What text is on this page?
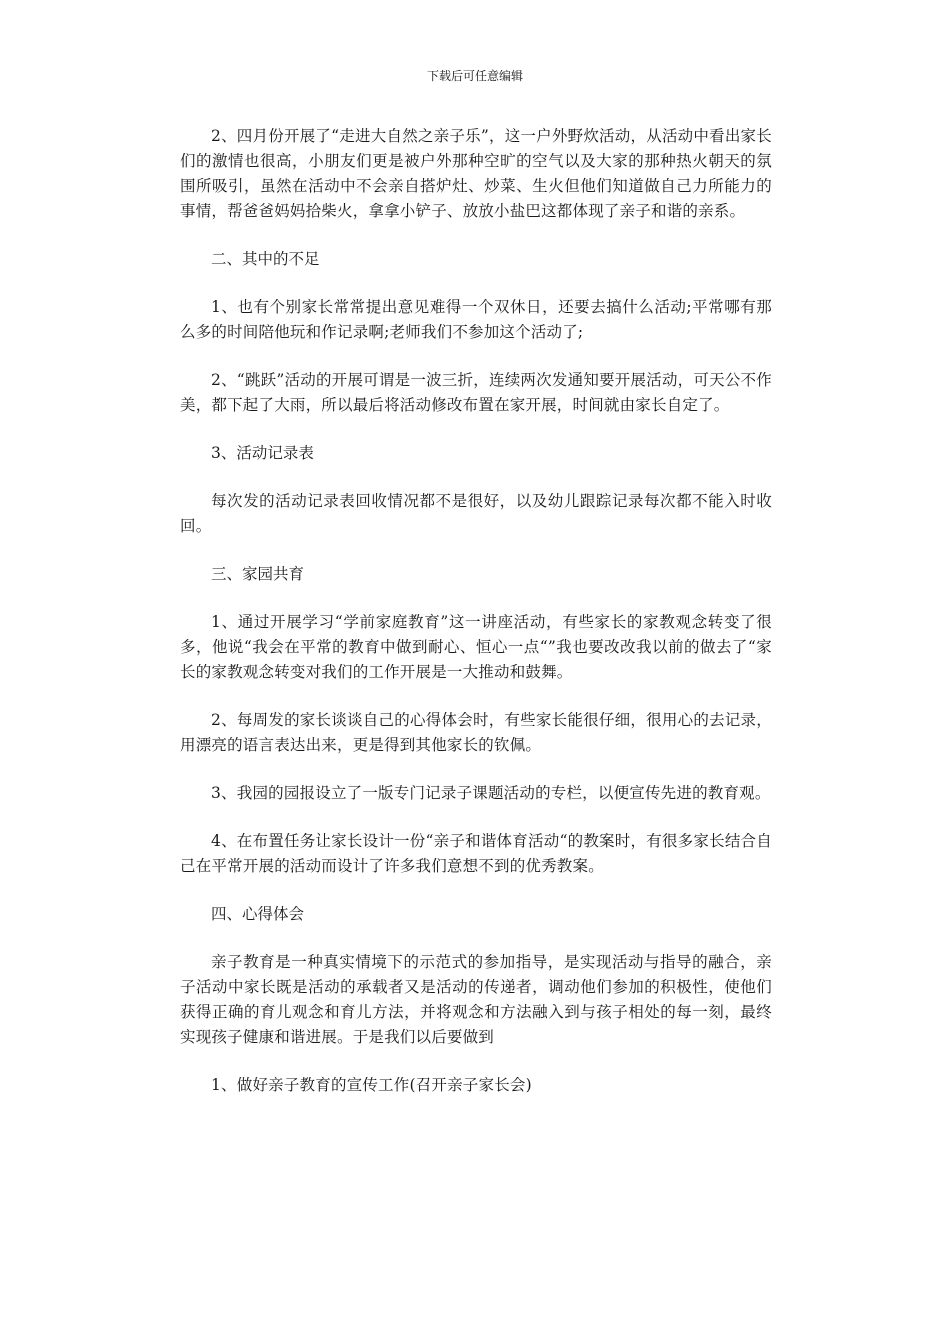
下载后可任意编辑

2、四月份开展了“走进大自然之亲子乐”，这一户外野炊活动，从活动中看出家长们的激情也很高，小朋友们更是被户外那种空旷的空气以及大家的那种热火朝天的氛围所吸引，虽然在活动中不会亲自搭炉灶、炒菜、生火但他们知道做自己力所能力的事情，帮爸爸妈妈拾柴火，拿拿小铲子、放放小盐巴这都体现了亲子和谐的亲系。

二、其中的不足

1、也有个别家长常常提出意见难得一个双休日，还要去搞什么活动;平常哪有那么多的时间陪他玩和作记录啊;老师我们不参加这个活动了;

2、“跳跃”活动的开展可谓是一波三折，连续两次发通知要开展活动，可天公不作美，都下起了大雨，所以最后将活动修改布置在家开展，时间就由家长自定了。

3、活动记录表

每次发的活动记录表回收情况都不是很好，以及幼儿跟踪记录每次都不能入时收回。

三、家园共育

1、通过开展学习“学前家庭教育”这一讲座活动，有些家长的家教观念转变了很多，他说“我会在平常的教育中做到耐心、恒心一点“”我也要改改我以前的做去了“家长的家教观念转变对我们的工作开展是一大推动和鼓舞。

2、每周发的家长谈谈自己的心得体会时，有些家长能很仔细，很用心的去记录，用漂亮的语言表达出来，更是得到其他家长的钦佩。

3、我园的园报设立了一版专门记录子课题活动的专栏，以便宣传先进的教育观。

4、在布置任务让家长设计一份“亲子和谐体育活动“的教案时，有很多家长结合自己在平常开展的活动而设计了许多我们意想不到的优秀教案。

四、心得体会

亲子教育是一种真实情境下的示范式的参加指导，是实现活动与指导的融合，亲子活动中家长既是活动的承载者又是活动的传递者，调动他们参加的积极性，使他们获得正确的育儿观念和育儿方法，并将观念和方法融入到与孩子相处的每一刻，最终实现孩子健康和谐进展。于是我们以后要做到

1、做好亲子教育的宣传工作(召开亲子家长会)
